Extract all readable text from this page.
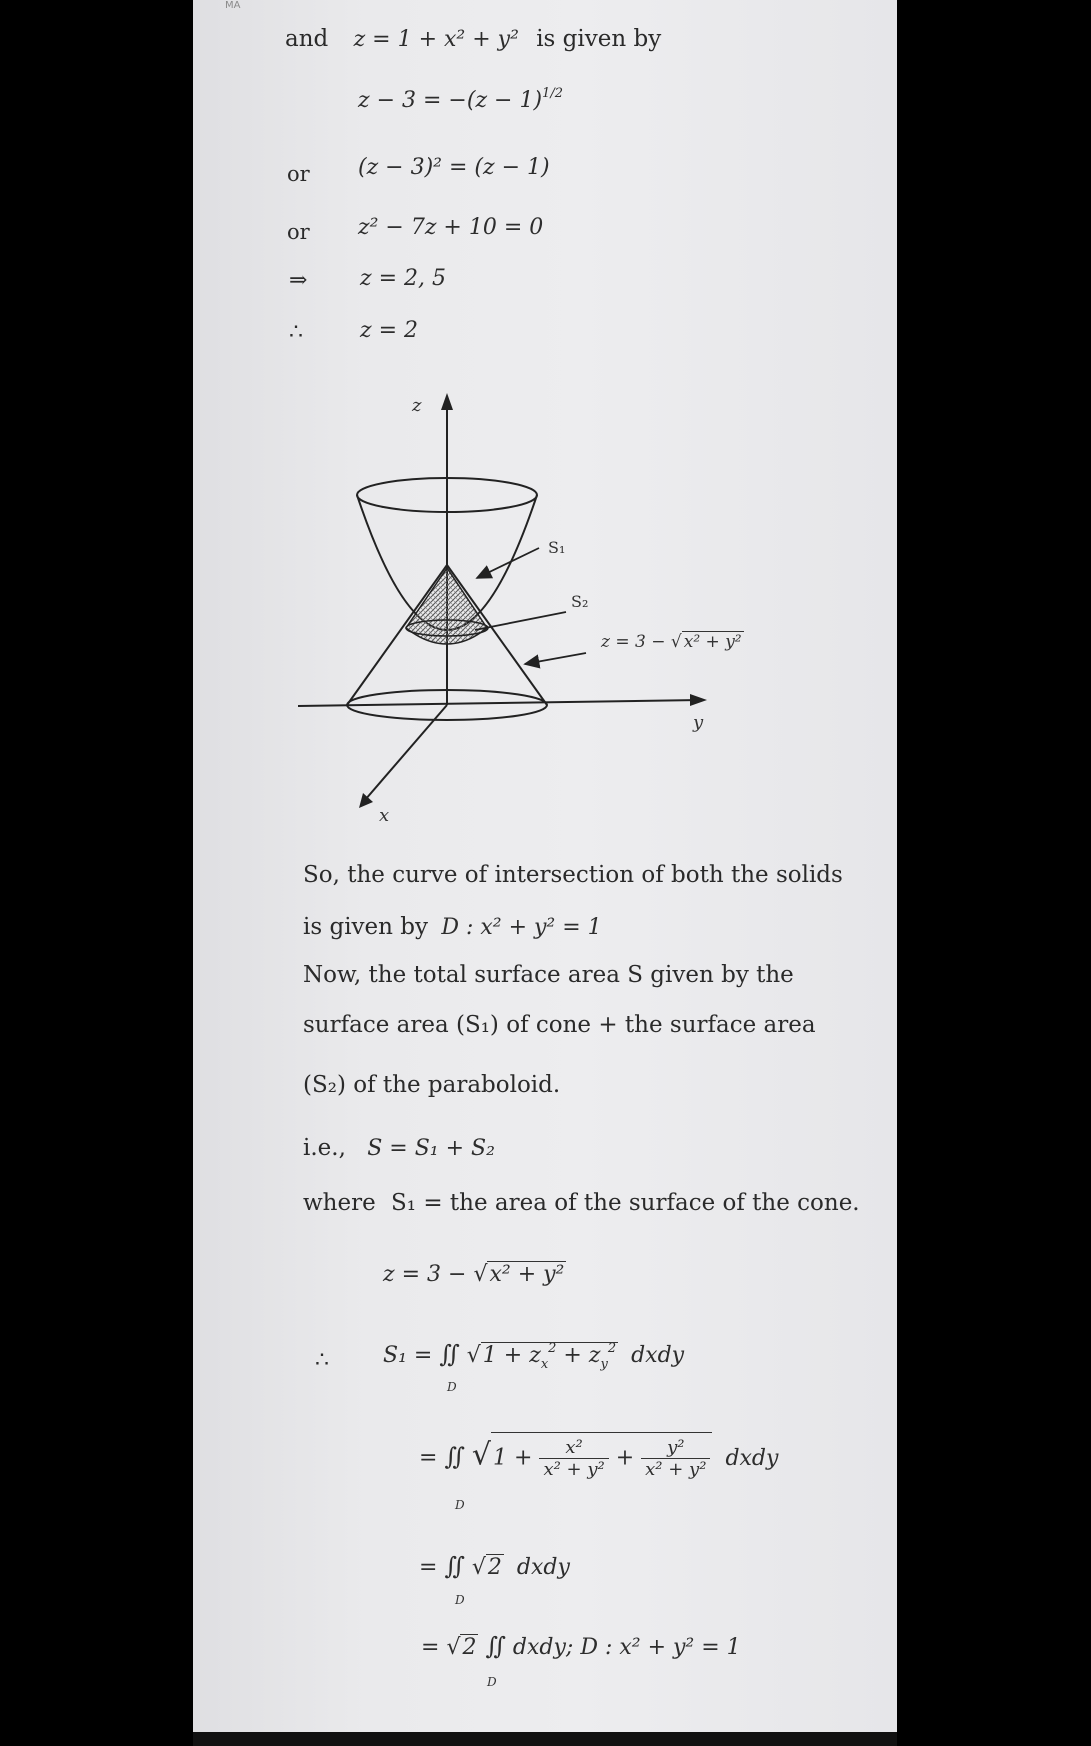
MA
and z = 1 + x² + y² is given by
$z - 3 = -(z - 1)^{1/2}$
or (z − 3)² = (z − 1)
or z² − 7z + 10 = 0
⇒ z = 2, 5
∴	z = 2
z
x
y
S₁
S₂
z = 3 − √ x² + y²
So, the curve of intersection of both the solids
is given by D : x² + y² = 1
Now, the total surface area S given by the
surface area (S₁) of cone + the surface area
(S₂) of the paraboloid.
i.e., S = S₁ + S₂
where S₁ = the area of the surface of the cone.
z = 3 − √x² + y²
∴ S₁ = ∬ $√1 + z_x^2 + z_y^2$ dxdy
D
= ∬ $√1 + \frac{\text{x²}}{\text{x² + y²}} + \frac{\text{y²}}{\text{x² + y²}}$ dxdy
D
= ∬ √2 dxdy
D
= √2 ∬ dxdy; D : x² + y² = 1
D
